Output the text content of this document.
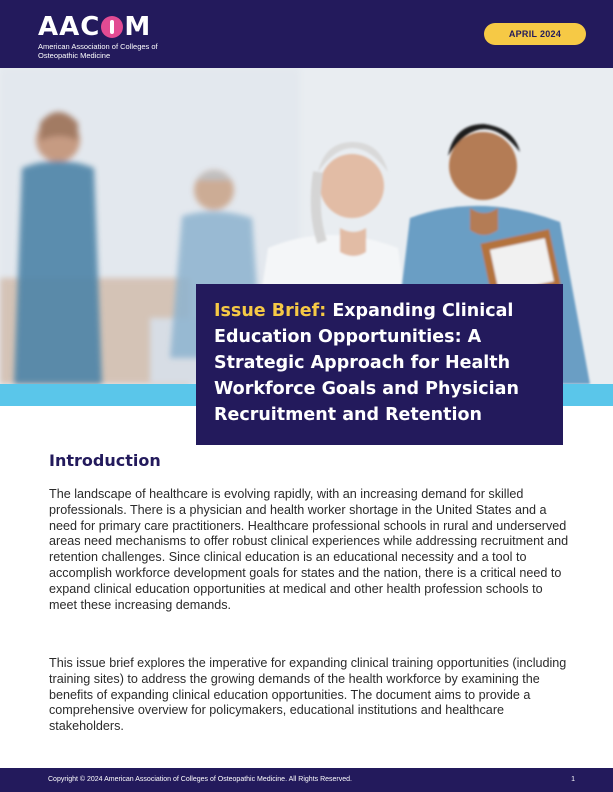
AAC M
American Association of Colleges of Osteopathic Medicine
APRIL 2024
Issue Brief: Expanding Clinical Education Opportunities: A Strategic Approach for Health Workforce Goals and Physician Recruitment and Retention
Introduction

The landscape of healthcare is evolving rapidly, with an increasing demand for skilled professionals. There is a physician and health worker shortage in the United States and a need for primary care practitioners. Healthcare professional schools in rural and underserved areas need mechanisms to offer robust clinical experiences while addressing recruitment and retention challenges. Since clinical education is an educational necessity and a tool to accomplish workforce development goals for states and the nation, there is a critical need to expand clinical education opportunities at medical and other health profession schools to meet these increasing demands.

This issue brief explores the imperative for expanding clinical training opportunities (including training sites) to address the growing demands of the health workforce by examining the benefits of expanding clinical education opportunities. The document aims to provide a comprehensive overview for policymakers, educational institutions and healthcare stakeholders.

Copyright © 2024 American Association of Colleges of Osteopathic Medicine. All Rights Reserved.	1
